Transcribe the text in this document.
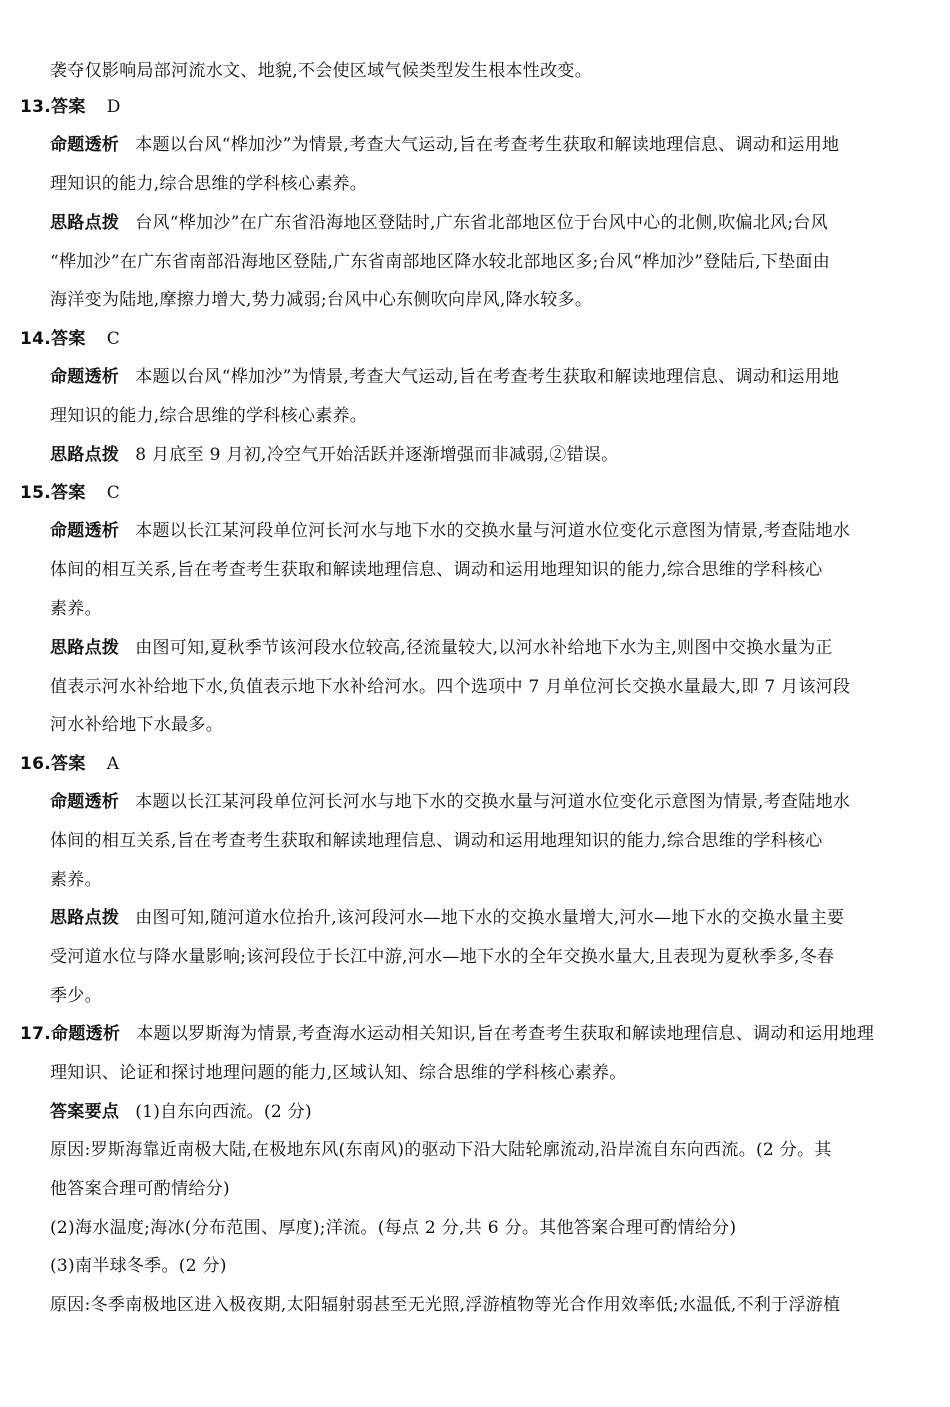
袭夺仅影响局部河流水文、地貌,不会使区域气候类型发生根本性改变。
13.答案 D
命题透析 本题以台风“桦加沙”为情景,考查大气运动,旨在考查考生获取和解读地理信息、调动和运用地
理知识的能力,综合思维的学科核心素养。
思路点拨 台风“桦加沙”在广东省沿海地区登陆时,广东省北部地区位于台风中心的北侧,吹偏北风;台风
“桦加沙”在广东省南部沿海地区登陆,广东省南部地区降水较北部地区多;台风“桦加沙”登陆后,下垫面由
海洋变为陆地,摩擦力增大,势力减弱;台风中心东侧吹向岸风,降水较多。
14.答案 C
命题透析 本题以台风“桦加沙”为情景,考查大气运动,旨在考查考生获取和解读地理信息、调动和运用地
理知识的能力,综合思维的学科核心素养。
思路点拨 8 月底至 9 月初,冷空气开始活跃并逐渐增强而非减弱,②错误。
15.答案 C
命题透析 本题以长江某河段单位河长河水与地下水的交换水量与河道水位变化示意图为情景,考查陆地水
体间的相互关系,旨在考查考生获取和解读地理信息、调动和运用地理知识的能力,综合思维的学科核心
素养。
思路点拨 由图可知,夏秋季节该河段水位较高,径流量较大,以河水补给地下水为主,则图中交换水量为正
值表示河水补给地下水,负值表示地下水补给河水。四个选项中 7 月单位河长交换水量最大,即 7 月该河段
河水补给地下水最多。
16.答案 A
命题透析 本题以长江某河段单位河长河水与地下水的交换水量与河道水位变化示意图为情景,考查陆地水
体间的相互关系,旨在考查考生获取和解读地理信息、调动和运用地理知识的能力,综合思维的学科核心
素养。
思路点拨 由图可知,随河道水位抬升,该河段河水—地下水的交换水量增大,河水—地下水的交换水量主要
受河道水位与降水量影响;该河段位于长江中游,河水—地下水的全年交换水量大,且表现为夏秋季多,冬春
季少。
17.命题透析 本题以罗斯海为情景,考查海水运动相关知识,旨在考查考生获取和解读地理信息、调动和运用地理
理知识、论证和探讨地理问题的能力,区域认知、综合思维的学科核心素养。
答案要点 (1)自东向西流。(2 分)
原因:罗斯海靠近南极大陆,在极地东风(东南风)的驱动下沿大陆轮廓流动,沿岸流自东向西流。(2 分。其
他答案合理可酌情给分)
(2)海水温度;海冰(分布范围、厚度);洋流。(每点 2 分,共 6 分。其他答案合理可酌情给分)
(3)南半球冬季。(2 分)
原因:冬季南极地区进入极夜期,太阳辐射弱甚至无光照,浮游植物等光合作用效率低;水温低,不利于浮游植
